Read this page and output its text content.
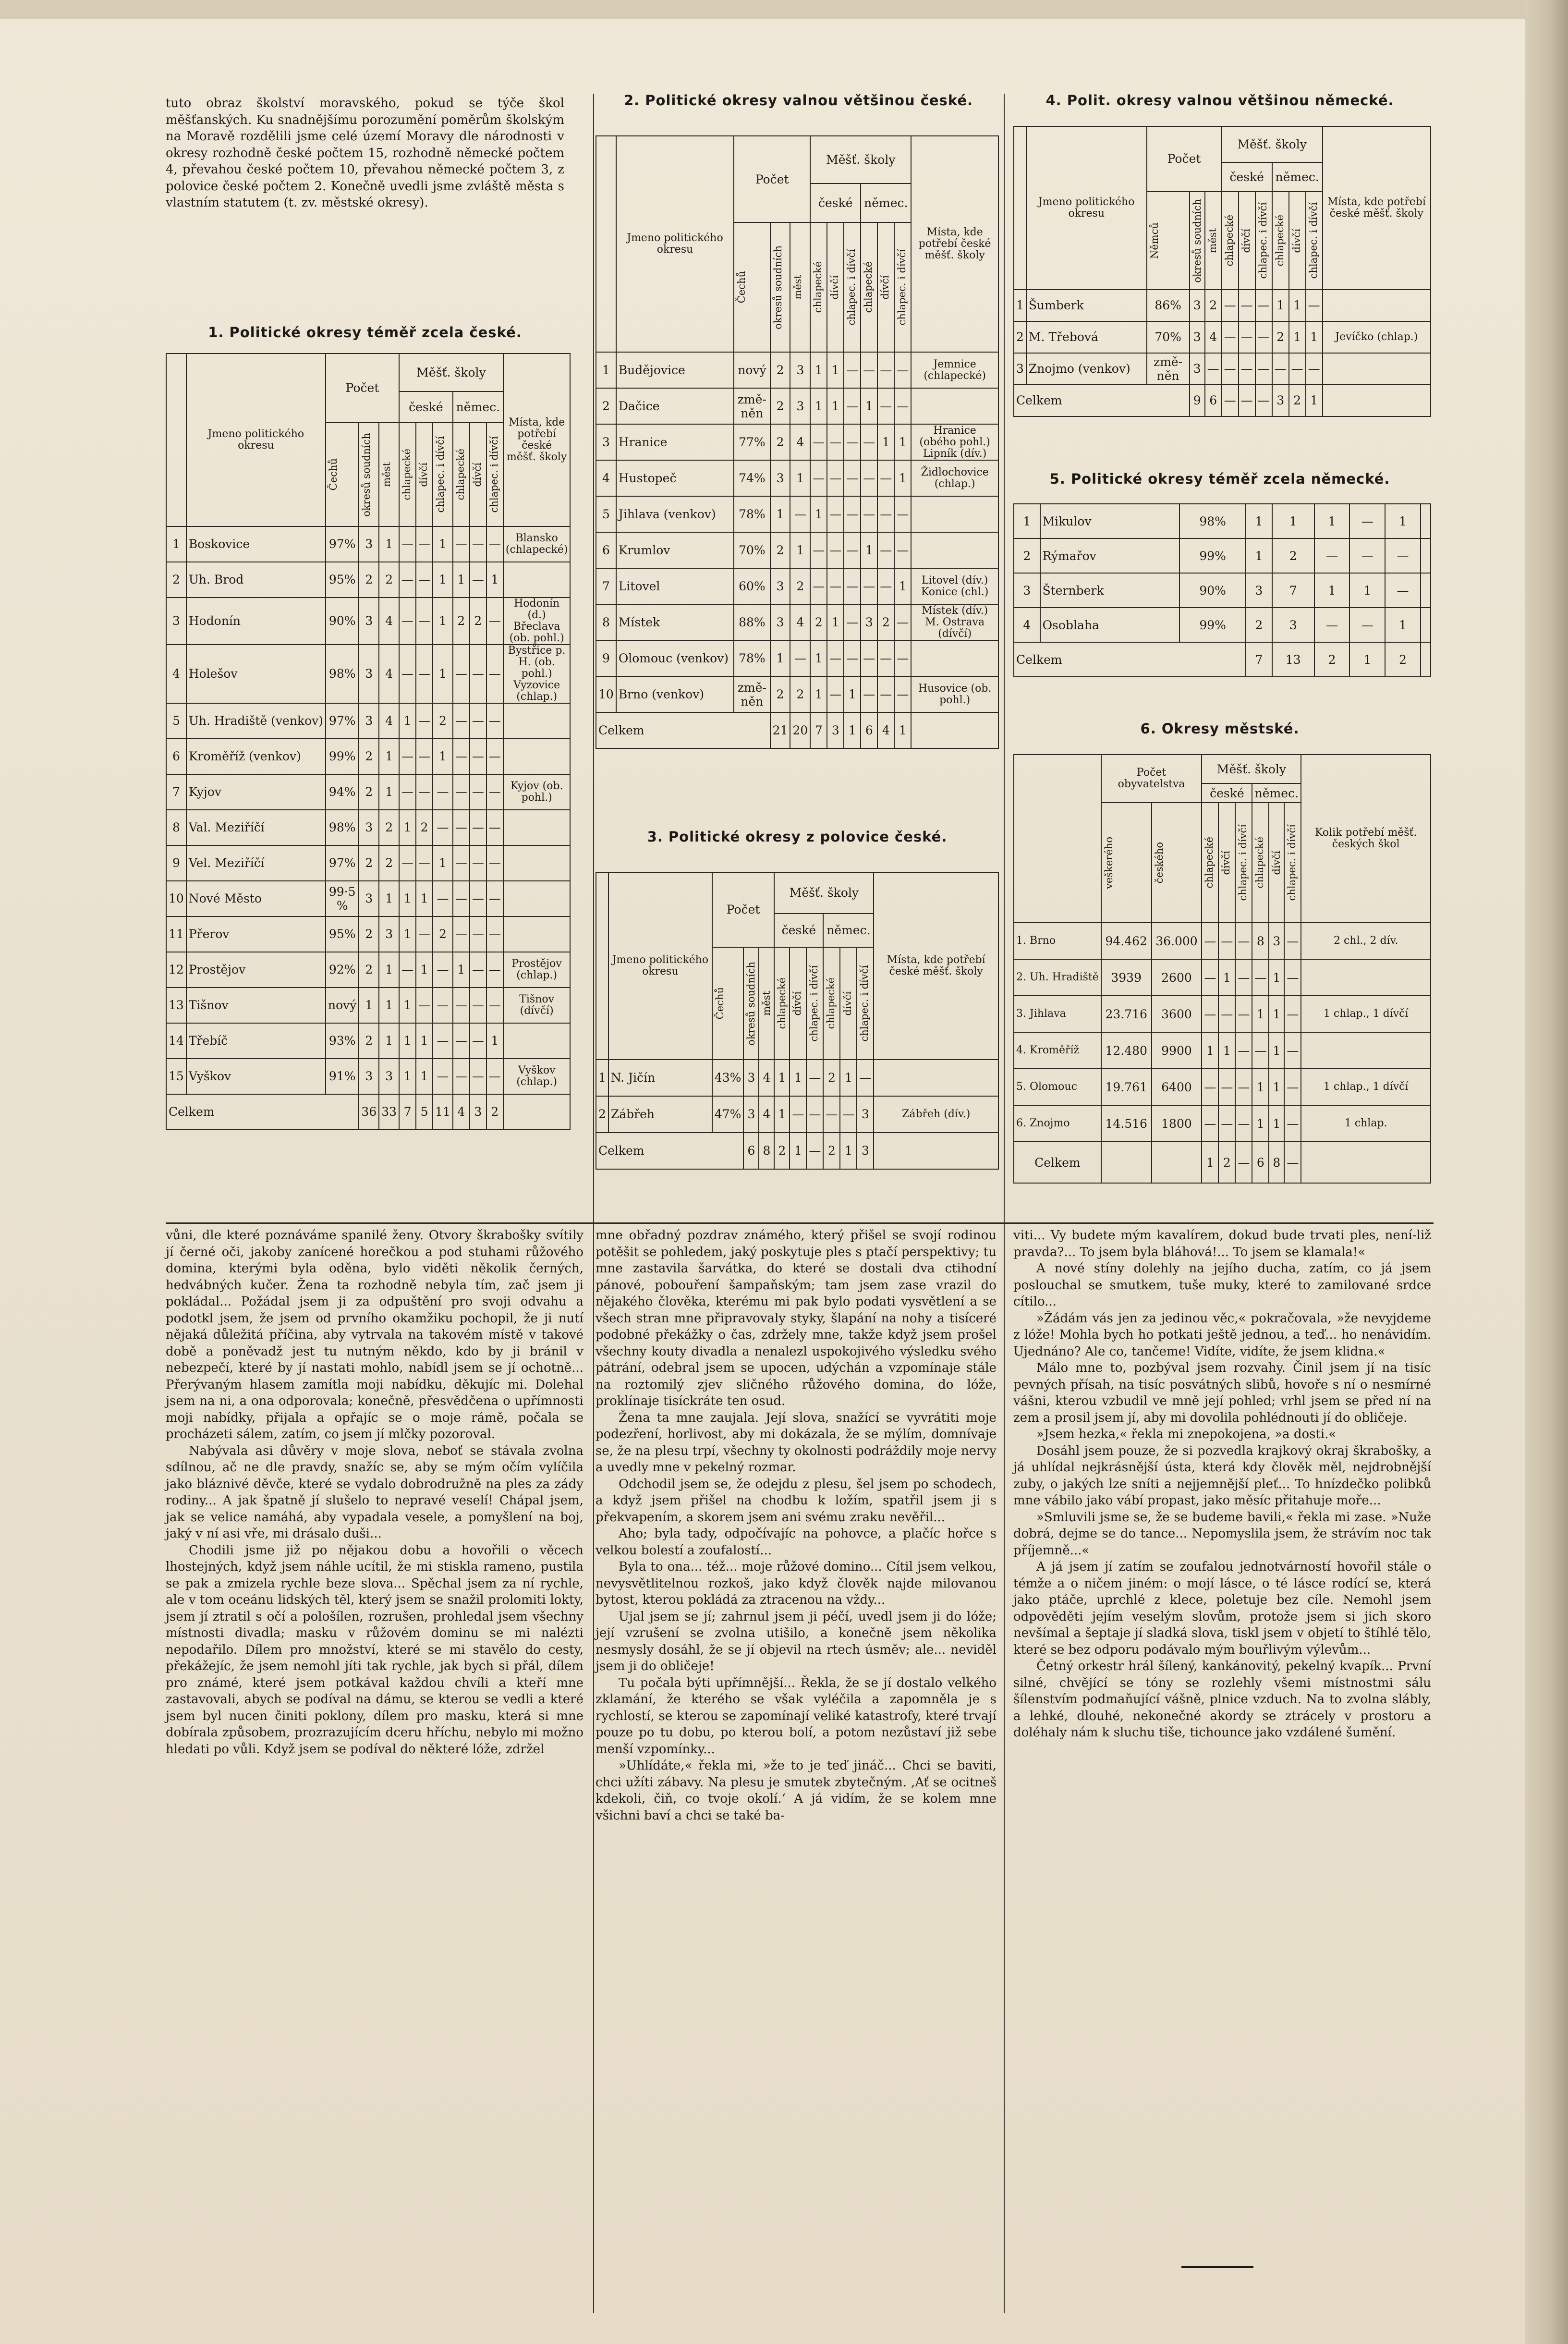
tuto obraz školství moravského, pokud se týče škol měšťanských. Ku snadnějšímu porozumění poměrům školským na Moravě rozdělili jsme celé území Moravy dle národnosti v okresy rozhodně české počtem 15, rozhodně německé počtem 4, převahou české počtem 10, převahou německé počtem 3, z polovice české počtem 2. Konečně uvedli jsme zvláště města s vlastním statutem (t. zv. městské okresy).

1. Politické okresy téměř zcela české.
	Jmeno politického okresu	Počet			Měšť. školy						Místa, kde potřebí české měšť. školy
					české			němec.			

		Čechů	okresů soudních	měst	chlapecké	dívčí	chlapec. i dívčí	chlapecké	dívčí	chlapec. i dívčí	

1	Boskovice	97%	3	1	—	—	1	—	—	—	Blansko (chlapecké)
2	Uh. Brod	95%	2	2	—	—	1	1	—	1	
3	Hodonín	90%	3	4	—	—	1	2	2	—	Hodonín (d.) Břeclava (ob. pohl.)
4	Holešov	98%	3	4	—	—	1	—	—	—	Bystřice p. H. (ob. pohl.) Vyzovice (chlap.)
5	Uh. Hradiště (venkov)	97%	3	4	1	—	2	—	—	—	
6	Kroměříž (venkov)	99%	2	1	—	—	1	—	—	—	
7	Kyjov	94%	2	1	—	—	—	—	—	—	Kyjov (ob. pohl.)
8	Val. Meziříčí	98%	3	2	1	2	—	—	—	—	
9	Vel. Meziříčí	97%	2	2	—	—	1	—	—	—	
10	Nové Město	99·5 %	3	1	1	1	—	—	—	—	
11	Přerov	95%	2	3	1	—	2	—	—	—	
12	Prostějov	92%	2	1	—	1	—	1	—	—	Prostějov (chlap.)
13	Tišnov	nový	1	1	1	—	—	—	—	—	Tišnov (dívčí)
14	Třebíč	93%	2	1	1	1	—	—	—	1	
15	Vyškov	91%	3	3	1	1	—	—	—	—	Vyškov (chlap.)
Celkem			36	33	7	5	11	4	3	2	
2. Politické okresy valnou většinou české.
	Jmeno politického okresu	Počet			Měšť. školy						Místa, kde potřebí české měšť. školy
					české			němec.			

		Čechů	okresů soudních	měst	chlapecké	dívčí	chlapec. i dívčí	chlapecké	dívčí	chlapec. i dívčí	

1	Budějovice	nový	2	3	1	1	—	—	—	—	Jemnice (chlapecké)
2	Dačice	změ-něn	2	3	1	1	—	1	—	—	
3	Hranice	77%	2	4	—	—	—	—	1	1	Hranice (obého pohl.) Lipník (dív.)
4	Hustopeč	74%	3	1	—	—	—	—	—	1	Židlochovice (chlap.)
5	Jihlava (venkov)	78%	1	—	1	—	—	—	—	—	
6	Krumlov	70%	2	1	—	—	—	1	—	—	
7	Litovel	60%	3	2	—	—	—	—	—	1	Litovel (dív.) Konice (chl.)
8	Místek	88%	3	4	2	1	—	3	2	—	Místek (dív.) M. Ostrava (dívčí)
9	Olomouc (venkov)	78%	1	—	1	—	—	—	—	—	
10	Brno (venkov)	změ-něn	2	2	1	—	1	—	—	—	Husovice (ob. pohl.)
Celkem			21	20	7	3	1	6	4	1	
3. Politické okresy z polovice české.
	Jmeno politického okresu	Počet			Měšť. školy						Místa, kde potřebí české měšť. školy
					české			němec.			

		Čechů	okresů soudních	měst	chlapecké	dívčí	chlapec. i dívčí	chlapecké	dívčí	chlapec. i dívčí	

1	N. Jičín	43%	3	4	1	1	—	2	1	—	
2	Zábřeh	47%	3	4	1	—	—	—	—	3	Zábřeh (dív.)
Celkem			6	8	2	1	—	2	1	3	
4. Polit. okresy valnou většinou německé.
	Jmeno politického okresu	Počet			Měšť. školy						Místa, kde potřebí české měšť. školy
					české			němec.			

		Němců	okresů soudních	měst	chlapecké	dívčí	chlapec. i dívčí	chlapecké	dívčí	chlapec. i dívčí	

1	Šumberk	86%	3	2	—	—	—	1	1	—	
2	M. Třebová	70%	3	4	—	—	—	2	1	1	Jevíčko (chlap.)
3	Znojmo (venkov)	změ-něn	3	—	—	—	—	—	—	—	
Celkem			9	6	—	—	—	3	2	1	
5. Politické okresy téměř zcela německé.
1	Mikulov	98%	1	1	1	—	1	
2	Rýmařov	99%	1	2	—	—	—	
3	Šternberk	90%	3	7	1	1	—	
4	Osoblaha	99%	2	3	—	—	1	
Celkem			7	13	2	1	2	
6. Okresy městské.
	Počet obyvatelstva		Měšť. školy						Kolik potřebí měšť. českých škol
			české			němec.			

	veškerého	českého	chlapecké	dívčí	chlapec. i dívčí	chlapecké	dívčí	chlapec. i dívčí	

1. Brno	94.462	36.000	—	—	—	8	3	—	2 chl., 2 dív.
2. Uh. Hradiště	3939	2600	—	1	—	—	1	—	
3. Jihlava	23.716	3600	—	—	—	1	1	—	1 chlap., 1 dívčí
4. Kroměříž	12.480	9900	1	1	—	—	1	—	
5. Olomouc	19.761	6400	—	—	—	1	1	—	1 chlap., 1 dívčí
6. Znojmo	14.516	1800	—	—	—	1	1	—	1 chlap.
Celkem			1	2	—	6	8	—	

vůni, dle které poznáváme spanilé ženy. Otvory škrabošky svítily jí černé oči, jakoby zanícené horečkou a pod stuhami růžového domina, kterými byla oděna, bylo viděti několik černých, hedvábných kučer. Žena ta rozhodně nebyla tím, zač jsem ji pokládal... Požádal jsem ji za odpuštění pro svoji odvahu a podotkl jsem, že jsem od prvního okamžiku pochopil, že ji nutí nějaká důležitá příčina, aby vytrvala na takovém místě v takové době a poněvadž jest tu nutným někdo, kdo by ji bránil v nebezpečí, které by jí nastati mohlo, nabídl jsem se jí ochotně... Přerývaným hlasem zamítla moji nabídku, děkujíc mi. Dolehal jsem na ni, a ona odporovala; konečně, přesvědčena o upřímnosti moji nabídky, přijala a opřajíc se o moje rámě, počala se procházeti sálem, zatím, co jsem jí mlčky pozoroval.

Nabývala asi důvěry v moje slova, neboť se stávala zvolna sdílnou, ač ne dle pravdy, snažíc se, aby se mým očím vylíčila jako bláznivé děvče, které se vydalo dobrodružně na ples za zády rodiny... A jak špatně jí slušelo to nepravé veselí! Chápal jsem, jak se velice namáhá, aby vypadala vesele, a pomyšlení na boj, jaký v ní asi vře, mi drásalo duši...

Chodili jsme již po nějakou dobu a hovořili o věcech lhostejných, když jsem náhle ucítil, že mi stiskla rameno, pustila se pak a zmizela rychle beze slova... Spěchal jsem za ní rychle, ale v tom oceánu lidských těl, který jsem se snažil prolomiti lokty, jsem jí ztratil s očí a pološílen, rozrušen, prohledal jsem všechny místnosti divadla; masku v růžovém dominu se mi nalézti nepodařilo. Dílem pro množství, které se mi stavělo do cesty, překážejíc, že jsem nemohl jíti tak rychle, jak bych si přál, dílem pro známé, které jsem potkával každou chvíli a kteří mne zastavovali, abych se podíval na dámu, se kterou se vedli a které jsem byl nucen činiti poklony, dílem pro masku, která si mne dobírala způsobem, prozrazujícím dceru hříchu, nebylo mi možno hledati po vůli. Když jsem se podíval do některé lóže, zdržel

mne obřadný pozdrav známého, který přišel se svojí rodinou potěšit se pohledem, jaký poskytuje ples s ptačí perspektivy; tu mne zastavila šarvátka, do které se dostali dva ctihodní pánové, pobouření šampaňským; tam jsem zase vrazil do nějakého člověka, kterému mi pak bylo podati vysvětlení a se všech stran mne připravovaly styky, šlapání na nohy a tisíceré podobné překážky o čas, zdržely mne, takže když jsem prošel všechny kouty divadla a nenalezl uspokojivého výsledku svého pátrání, odebral jsem se upocen, udýchán a vzpomínaje stále na roztomilý zjev sličného růžového domina, do lóže, proklínaje tisíckráte ten osud.

Žena ta mne zaujala. Její slova, snažící se vyvrátiti moje podezření, horlivost, aby mi dokázala, že se mýlím, domnívaje se, že na plesu trpí, všechny ty okolnosti podráždily moje nervy a uvedly mne v pekelný rozmar.

Odchodil jsem se, že odejdu z plesu, šel jsem po schodech, a když jsem přišel na chodbu k ložím, spatřil jsem ji s překvapením, a skorem jsem ani svému zraku nevěřil...

Aho; byla tady, odpočívajíc na pohovce, a plačíc hořce s velkou bolestí a zoufalostí...

Byla to ona... též... moje růžové domino... Cítil jsem velkou, nevysvětlitelnou rozkoš, jako když člověk najde milovanou bytost, kterou pokládá za ztracenou na vždy...

Ujal jsem se jí; zahrnul jsem ji péčí, uvedl jsem ji do lóže; její vzrušení se zvolna utišilo, a konečně jsem několika nesmysly dosáhl, že se jí objevil na rtech úsměv; ale... neviděl jsem ji do obličeje!

Tu počala býti upřímnější... Řekla, že se jí dostalo velkého zklamání, že kterého se však vyléčila a zapomněla je s rychlostí, se kterou se zapomínají veliké katastrofy, které trvají pouze po tu dobu, po kterou bolí, a potom nezůstaví již sebe menší vzpomínky...

»Uhlídáte,« řekla mi, »že to je teď jináč... Chci se baviti, chci užíti zábavy. Na plesu je smutek zbytečným. ‚Ať se ocitneš kdekoli, čiň, co tvoje okolí.‘ A já vidím, že se kolem mne všichni baví a chci se také ba-

viti... Vy budete mým kavalírem, dokud bude trvati ples, není-liž pravda?... To jsem byla bláhová!... To jsem se klamala!«

A nové stíny dolehly na jejího ducha, zatím, co já jsem poslouchal se smutkem, tuše muky, které to zamilované srdce cítilo...

»Žádám vás jen za jedinou věc,« pokračovala, »že nevyjdeme z lóže! Mohla bych ho potkati ještě jednou, a teď... ho nenávidím. Ujednáno? Ale co, tančeme! Vidíte, vidíte, že jsem klidna.«

Málo mne to, pozbýval jsem rozvahy. Činil jsem jí na tisíc pevných přísah, na tisíc posvátných slibů, hovoře s ní o nesmírné vášni, kterou vzbudil ve mně její pohled; vrhl jsem se před ní na zem a prosil jsem jí, aby mi dovolila pohlédnouti jí do obličeje.

»Jsem hezka,« řekla mi znepokojena, »a dosti.«

Dosáhl jsem pouze, že si pozvedla krajkový okraj škrabošky, a já uhlídal nejkrásnější ústa, která kdy člověk měl, nejdrobnější zuby, o jakých lze sníti a nejjemnější pleť... To hnízdečko polibků mne vábilo jako vábí propast, jako měsíc přitahuje moře...

»Smluvili jsme se, že se budeme bavili,« řekla mi zase. »Nuže dobrá, dejme se do tance... Nepomyslila jsem, že strávím noc tak příjemně...«

A já jsem jí zatím se zoufalou jednotvárností hovořil stále o témže a o ničem jiném: o mojí lásce, o té lásce rodící se, která jako ptáče, uprchlé z klece, poletuje bez cíle. Nemohl jsem odpověděti jejím veselým slovům, protože jsem si jich skoro nevšímal a šeptaje jí sladká slova, tiskl jsem v objetí to štíhlé tělo, které se bez odporu podávalo mým bouřlivým výlevům...

Četný orkestr hrál šílený, kankánovitý, pekelný kvapík... První silné, chvějící se tóny se rozlehly všemi místnostmi sálu šílenstvím podmaňující vášně, plnice vzduch. Na to zvolna slábly, a lehké, dlouhé, nekonečné akordy se ztrácely v prostoru a doléhaly nám k sluchu tiše, tichounce jako vzdálené šumění.
